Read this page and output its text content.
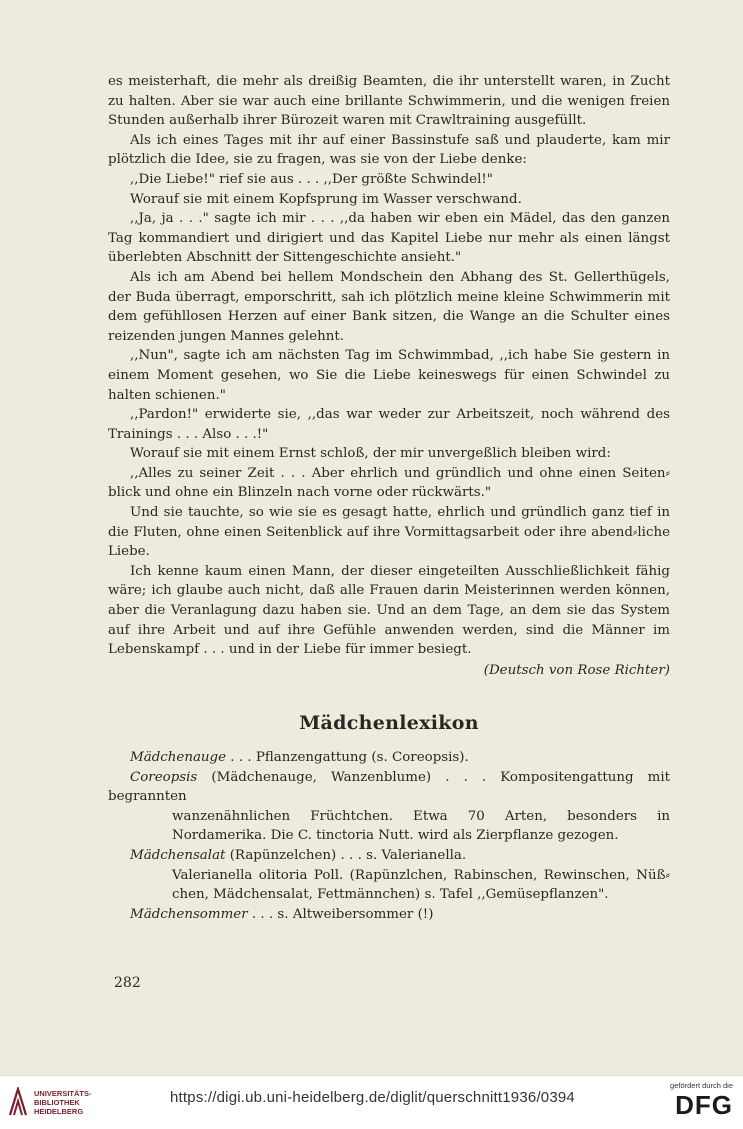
es meisterhaft, die mehr als dreißig Beamten, die ihr unterstellt waren, in Zucht zu halten. Aber sie war auch eine brillante Schwimmerin, und die wenigen freien Stunden außerhalb ihrer Bürozeit waren mit Crawltraining ausgefüllt.

Als ich eines Tages mit ihr auf einer Bassinstufe saß und plauderte, kam mir plötzlich die Idee, sie zu fragen, was sie von der Liebe denke:

,,Die Liebe!" rief sie aus . . . ,,Der größte Schwindel!"

Worauf sie mit einem Kopfsprung im Wasser verschwand.

,,Ja, ja . . ." sagte ich mir . . . ,,da haben wir eben ein Mädel, das den ganzen Tag kommandiert und dirigiert und das Kapitel Liebe nur mehr als einen längst überlebten Abschnitt der Sittengeschichte ansieht."

Als ich am Abend bei hellem Mondschein den Abhang des St. Gellerthügels, der Buda überragt, emporschritt, sah ich plötzlich meine kleine Schwimmerin mit dem gefühllosen Herzen auf einer Bank sitzen, die Wange an die Schulter eines reizenden jungen Mannes gelehnt.

,,Nun", sagte ich am nächsten Tag im Schwimmbad, ,,ich habe Sie gestern in einem Moment gesehen, wo Sie die Liebe keineswegs für einen Schwindel zu halten schienen."

,,Pardon!" erwiderte sie, ,,das war weder zur Arbeitszeit, noch während des Trainings . . . Also . . .!"

Worauf sie mit einem Ernst schloß, der mir unvergeßlich bleiben wird:

,,Alles zu seiner Zeit . . . Aber ehrlich und gründlich und ohne einen Seiten⸗blick und ohne ein Blinzeln nach vorne oder rückwärts."

Und sie tauchte, so wie sie es gesagt hatte, ehrlich und gründlich ganz tief in die Fluten, ohne einen Seitenblick auf ihre Vormittagsarbeit oder ihre abend⸗liche Liebe.

Ich kenne kaum einen Mann, der dieser eingeteilten Ausschließlichkeit fähig wäre; ich glaube auch nicht, daß alle Frauen darin Meisterinnen werden können, aber die Veranlagung dazu haben sie. Und an dem Tage, an dem sie das System auf ihre Arbeit und auf ihre Gefühle anwenden werden, sind die Männer im Lebenskampf . . . und in der Liebe für immer besiegt.

(Deutsch von Rose Richter)
Mädchenlexikon

Mädchenauge . . . Pflanzengattung (s. Coreopsis).

Coreopsis (Mädchenauge, Wanzenblume) . . . Kompositengattung mit begrannten
wanzenähnlichen Früchtchen. Etwa 70 Arten, besonders in Nordamerika. Die C. tinctoria Nutt. wird als Zierpflanze gezogen.

Mädchensalat (Rapünzelchen) . . . s. Valerianella.
Valerianella olitoria Poll. (Rapünzlchen, Rabinschen, Rewinschen, Nüß⸗chen, Mädchensalat, Fettmännchen) s. Tafel ,,Gemüsepflanzen".

Mädchensommer . . . s. Altweibersommer (!)

282
UNIVERSITÄTS-
BIBLIOTHEK
HEIDELBERG
https://digi.ub.uni-heidelberg.de/diglit/querschnitt1936/0394
gefördert durch die
DFG
